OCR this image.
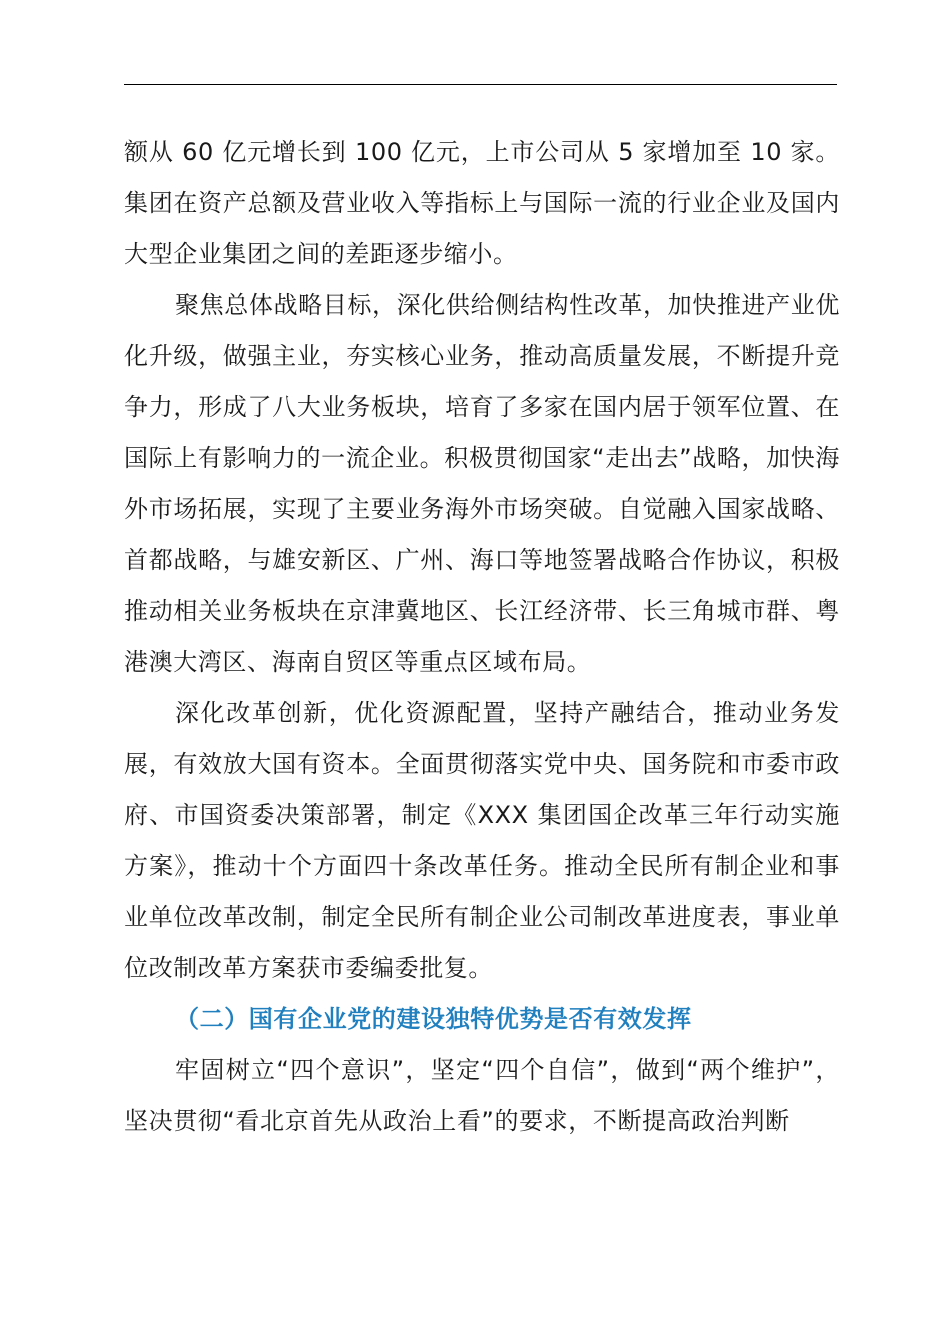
额从 60 亿元增长到 100 亿元，上市公司从 5 家增加至 10 家。集团在资产总额及营业收入等指标上与国际一流的行业企业及国内大型企业集团之间的差距逐步缩小。

聚焦总体战略目标，深化供给侧结构性改革，加快推进产业优化升级，做强主业，夯实核心业务，推动高质量发展，不断提升竞争力，形成了八大业务板块，培育了多家在国内居于领军位置、在国际上有影响力的一流企业。积极贯彻国家“走出去”战略，加快海外市场拓展，实现了主要业务海外市场突破。自觉融入国家战略、首都战略，与雄安新区、广州、海口等地签署战略合作协议，积极推动相关业务板块在京津冀地区、长江经济带、长三角城市群、粤港澳大湾区、海南自贸区等重点区域布局。

深化改革创新，优化资源配置，坚持产融结合，推动业务发展，有效放大国有资本。全面贯彻落实党中央、国务院和市委市政府、市国资委决策部署，制定《XXX 集团国企改革三年行动实施方案》，推动十个方面四十条改革任务。推动全民所有制企业和事业单位改革改制，制定全民所有制企业公司制改革进度表，事业单位改制改革方案获市委编委批复。

（二）国有企业党的建设独特优势是否有效发挥

牢固树立“四个意识”，坚定“四个自信”，做到“两个维护”，坚决贯彻“看北京首先从政治上看”的要求，不断提高政治判断
